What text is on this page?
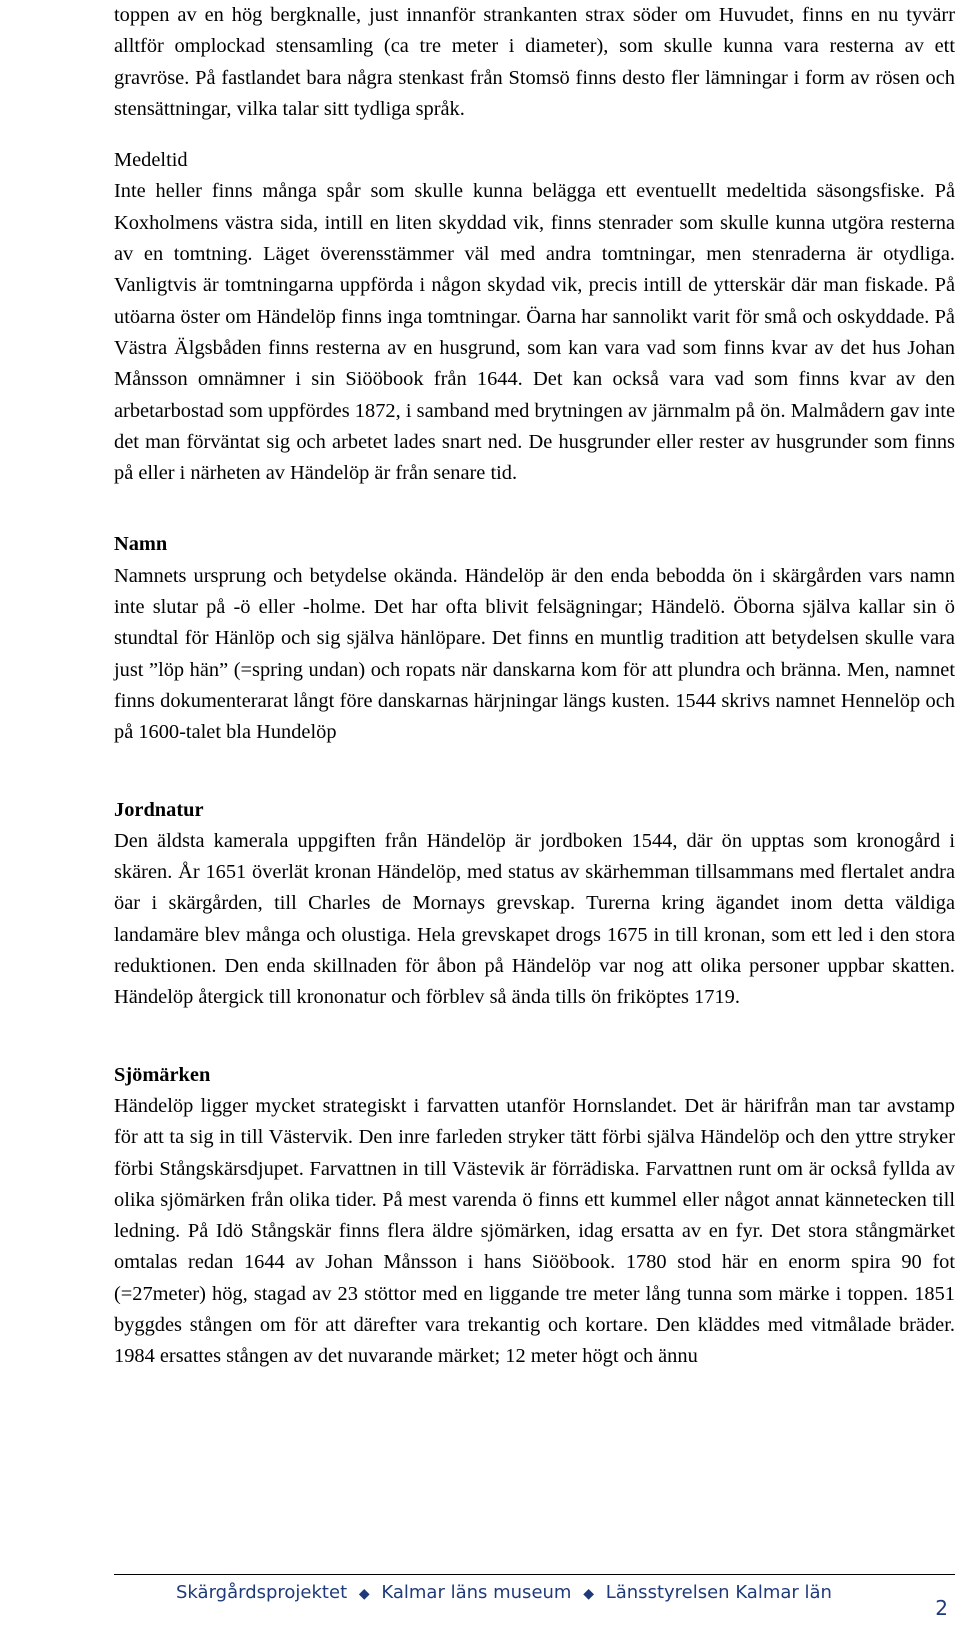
toppen av en hög bergknalle, just innanför strankanten strax söder om Huvudet, finns en nu tyvärr alltför omplockad stensamling (ca tre meter i diameter), som skulle kunna vara resterna av ett gravröse. På fastlandet bara några stenkast från Stomsö finns desto fler lämningar i form av rösen och stensättningar, vilka talar sitt tydliga språk.

Medeltid

Inte heller finns många spår som skulle kunna belägga ett eventuellt medeltida säsongsfiske. På Koxholmens västra sida, intill en liten skyddad vik, finns stenrader som skulle kunna utgöra resterna av en tomtning. Läget överensstämmer väl med andra tomtningar, men stenraderna är otydliga. Vanligtvis är tomtningarna uppförda i någon skydad vik, precis intill de ytterskär där man fiskade. På utöarna öster om Händelöp finns inga tomtningar. Öarna har sannolikt varit för små och oskyddade. På Västra Älgsbåden finns resterna av en husgrund, som kan vara vad som finns kvar av det hus Johan Månsson omnämner i sin Siööbook från 1644. Det kan också vara vad som finns kvar av den arbetarbostad som uppfördes 1872, i samband med brytningen av järnmalm på ön. Malmådern gav inte det man förväntat sig och arbetet lades snart ned. De husgrunder eller rester av husgrunder som finns på eller i närheten av Händelöp är från senare tid.

Namn

Namnets ursprung och betydelse okända. Händelöp är den enda bebodda ön i skärgården vars namn inte slutar på -ö eller -holme. Det har ofta blivit felsägningar; Händelö. Öborna själva kallar sin ö stundtal för Hänlöp och sig själva hänlöpare. Det finns en muntlig tradition att betydelsen skulle vara just ”löp hän” (=spring undan) och ropats när danskarna kom för att plundra och bränna. Men, namnet finns dokumenterarat långt före danskarnas härjningar längs kusten. 1544 skrivs namnet Hennelöp och på 1600-talet bla Hundelöp

Jordnatur

Den äldsta kamerala uppgiften från Händelöp är jordboken 1544, där ön upptas som kronogård i skären. År 1651 överlät kronan Händelöp, med status av skärhemman tillsammans med flertalet andra öar i skärgården, till Charles de Mornays grevskap. Turerna kring ägandet inom detta väldiga landamäre blev många och olustiga. Hela grevskapet drogs 1675 in till kronan, som ett led i den stora reduktionen. Den enda skillnaden för åbon på Händelöp var nog att olika personer uppbar skatten. Händelöp återgick till krononatur och förblev så ända tills ön friköptes 1719.

Sjömärken

Händelöp ligger mycket strategiskt i farvatten utanför Hornslandet. Det är härifrån man tar avstamp för att ta sig in till Västervik. Den inre farleden stryker tätt förbi själva Händelöp och den yttre stryker förbi Stångskärsdjupet. Farvattnen in till Västevik är förrädiska. Farvattnen runt om är också fyllda av olika sjömärken från olika tider. På mest varenda ö finns ett kummel eller något annat kännetecken till ledning. På Idö Stångskär finns flera äldre sjömärken, idag ersatta av en fyr. Det stora stångmärket omtalas redan 1644 av Johan Månsson i hans Siööbook. 1780 stod här en enorm spira 90 fot (=27meter) hög, stagad av 23 stöttor med en liggande tre meter lång tunna som märke i toppen. 1851 byggdes stången om för att därefter vara trekantig och kortare. Den kläddes med vitmålade bräder. 1984 ersattes stången av det nuvarande märket; 12 meter högt och ännu

Skärgårdsprojektet ◆ Kalmar läns museum ◆ Länsstyrelsen Kalmar län
2
